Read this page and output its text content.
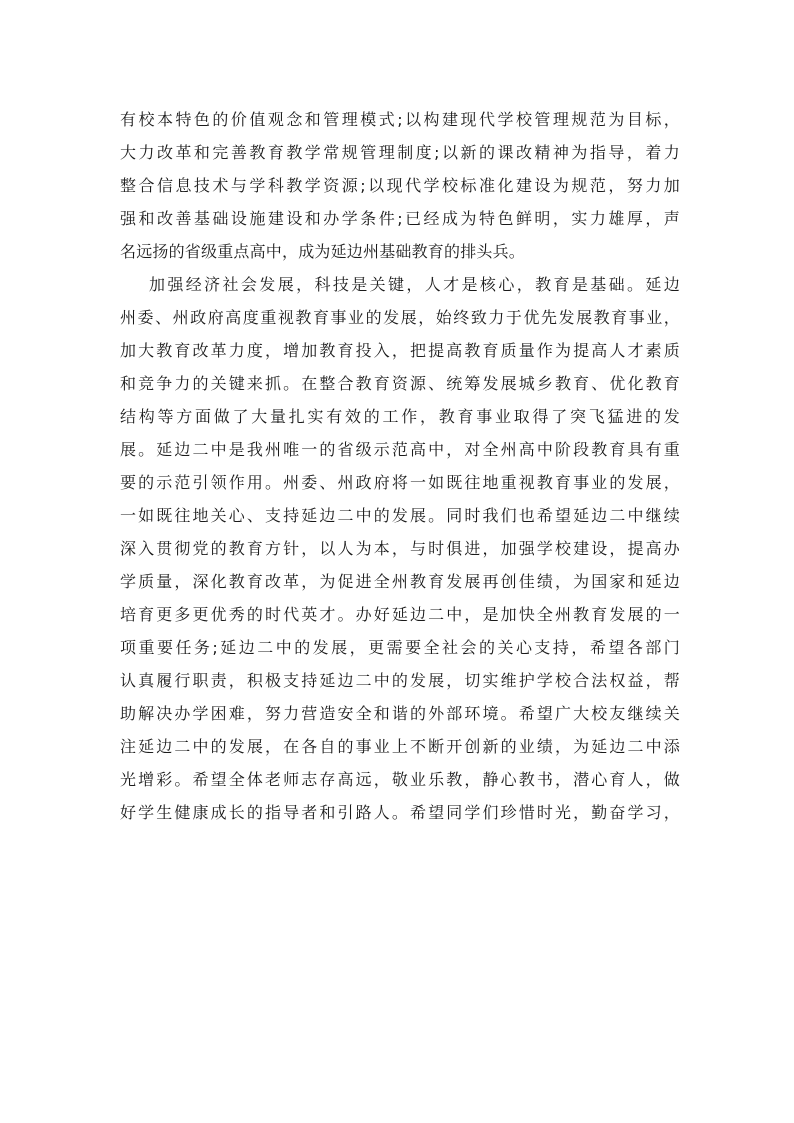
有校本特色的价值观念和管理模式;以构建现代学校管理规范为目标，
大力改革和完善教育教学常规管理制度;以新的课改精神为指导，着力
整合信息技术与学科教学资源;以现代学校标准化建设为规范，努力加
强和改善基础设施建设和办学条件;已经成为特色鲜明，实力雄厚，声
名远扬的省级重点高中，成为延边州基础教育的排头兵。
加强经济社会发展，科技是关键，人才是核心，教育是基础。延边
州委、州政府高度重视教育事业的发展，始终致力于优先发展教育事业，
加大教育改革力度，增加教育投入，把提高教育质量作为提高人才素质
和竞争力的关键来抓。在整合教育资源、统筹发展城乡教育、优化教育
结构等方面做了大量扎实有效的工作，教育事业取得了突飞猛进的发
展。延边二中是我州唯一的省级示范高中，对全州高中阶段教育具有重
要的示范引领作用。州委、州政府将一如既往地重视教育事业的发展，
一如既往地关心、支持延边二中的发展。同时我们也希望延边二中继续
深入贯彻党的教育方针，以人为本，与时俱进，加强学校建设，提高办
学质量，深化教育改革，为促进全州教育发展再创佳绩，为国家和延边
培育更多更优秀的时代英才。办好延边二中，是加快全州教育发展的一
项重要任务;延边二中的发展，更需要全社会的关心支持，希望各部门
认真履行职责，积极支持延边二中的发展，切实维护学校合法权益，帮
助解决办学困难，努力营造安全和谐的外部环境。希望广大校友继续关
注延边二中的发展，在各自的事业上不断开创新的业绩，为延边二中添
光增彩。希望全体老师志存高远，敬业乐教，静心教书，潜心育人，做
好学生健康成长的指导者和引路人。希望同学们珍惜时光，勤奋学习，
